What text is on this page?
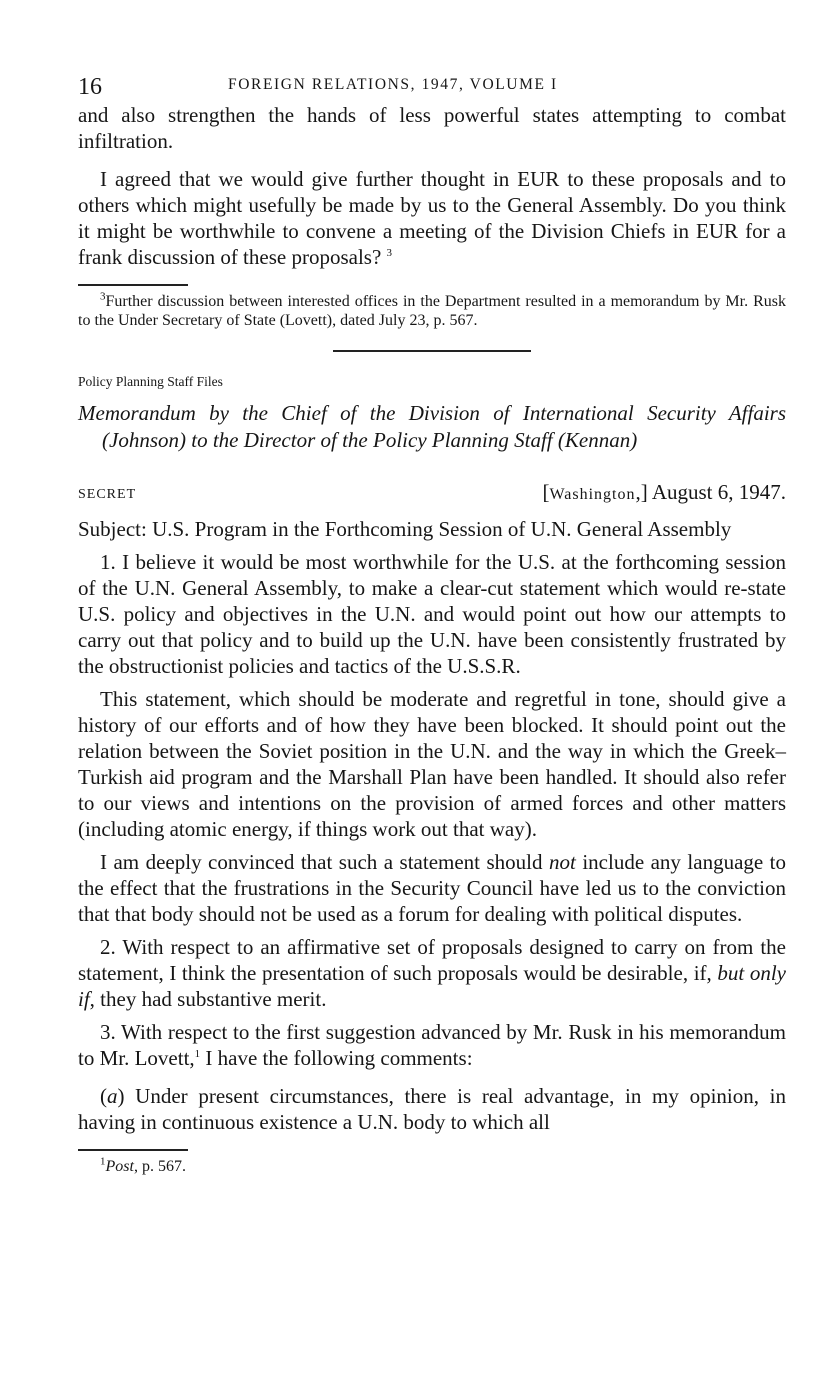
16	FOREIGN RELATIONS, 1947, VOLUME I

and also strengthen the hands of less powerful states attempting to combat infiltration.

I agreed that we would give further thought in EUR to these proposals and to others which might usefully be made by us to the General Assembly. Do you think it might be worthwhile to convene a meeting of the Division Chiefs in EUR for a frank discussion of these proposals? $^3$

$^3$Further discussion between interested offices in the Department resulted in a memorandum by Mr. Rusk to the Under Secretary of State (Lovett), dated July 23, p. 567.

Policy Planning Staff Files

Memorandum by the Chief of the Division of International Security Affairs (Johnson) to the Director of the Policy Planning Staff (Kennan)

SECRET	[Washington,] August 6, 1947.

Subject: U.S. Program in the Forthcoming Session of U.N. General Assembly

1. I believe it would be most worthwhile for the U.S. at the forthcoming session of the U.N. General Assembly, to make a clear-cut statement which would re-state U.S. policy and objectives in the U.N. and would point out how our attempts to carry out that policy and to build up the U.N. have been consistently frustrated by the obstructionist policies and tactics of the U.S.S.R.

This statement, which should be moderate and regretful in tone, should give a history of our efforts and of how they have been blocked. It should point out the relation between the Soviet position in the U.N. and the way in which the Greek–Turkish aid program and the Marshall Plan have been handled. It should also refer to our views and intentions on the provision of armed forces and other matters (including atomic energy, if things work out that way).

I am deeply convinced that such a statement should not include any language to the effect that the frustrations in the Security Council have led us to the conviction that that body should not be used as a forum for dealing with political disputes.

2. With respect to an affirmative set of proposals designed to carry on from the statement, I think the presentation of such proposals would be desirable, if, but only if, they had substantive merit.

3. With respect to the first suggestion advanced by Mr. Rusk in his memorandum to Mr. Lovett,$^1$ I have the following comments:

(a) Under present circumstances, there is real advantage, in my opinion, in having in continuous existence a U.N. body to which all

$^1$Post, p. 567.
